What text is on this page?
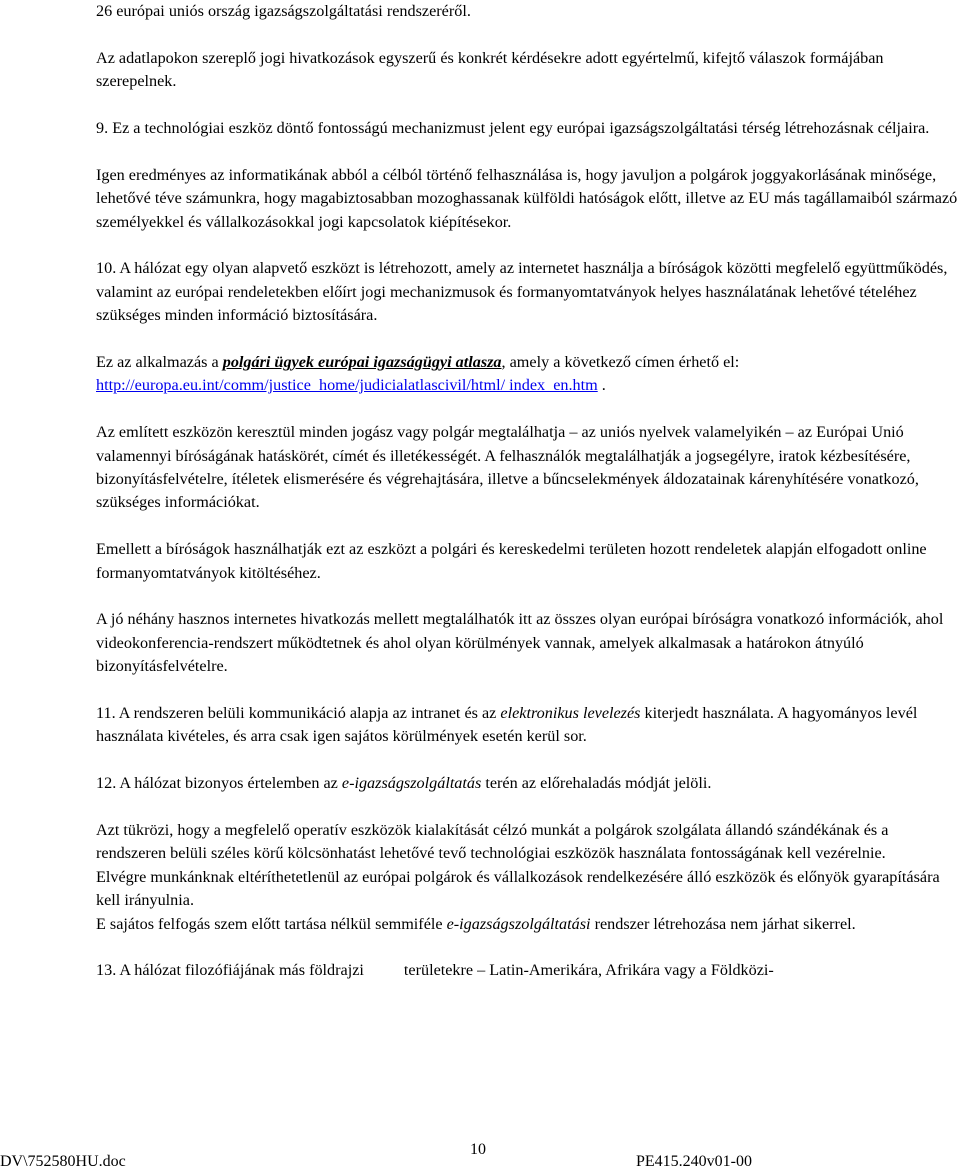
26 európai uniós ország igazságszolgáltatási rendszeréről.

Az adatlapokon szereplő jogi hivatkozások egyszerű és konkrét kérdésekre adott egyértelmű, kifejtő válaszok formájában szerepelnek.

9. Ez a technológiai eszköz döntő fontosságú mechanizmust jelent egy európai igazságszolgáltatási térség létrehozásnak céljaira.

Igen eredményes az informatikának abból a célból történő felhasználása is, hogy javuljon a polgárok joggyakorlásának minősége, lehetővé téve számunkra, hogy magabiztosabban mozoghassanak külföldi hatóságok előtt, illetve az EU más tagállamaiból származó személyekkel és vállalkozásokkal jogi kapcsolatok kiépítésekor.

10. A hálózat egy olyan alapvető eszközt is létrehozott, amely az internetet használja a bíróságok közötti megfelelő együttműködés, valamint az európai rendeletekben előírt jogi mechanizmusok és formanyomtatványok helyes használatának lehetővé tételéhez szükséges minden információ biztosítására.

Ez az alkalmazás a polgári ügyek európai igazságügyi atlasza, amely a következő címen érhető el: http://europa.eu.int/comm/justice_home/judicialatlascivil/html/ index_en.htm .

Az említett eszközön keresztül minden jogász vagy polgár megtalálhatja – az uniós nyelvek valamelyikén – az Európai Unió valamennyi bíróságának hatáskörét, címét és illetékességét. A felhasználók megtalálhatják a jogsegélyre, iratok kézbesítésére, bizonyításfelvételre, ítéletek elismerésére és végrehajtására, illetve a bűncselekmények áldozatainak kárenyhítésére vonatkozó, szükséges információkat.

Emellett a bíróságok használhatják ezt az eszközt a polgári és kereskedelmi területen hozott rendeletek alapján elfogadott online formanyomtatványok kitöltéséhez.

A jó néhány hasznos internetes hivatkozás mellett megtalálhatók itt az összes olyan európai bíróságra vonatkozó információk, ahol videokonferencia-rendszert működtetnek és ahol olyan körülmények vannak, amelyek alkalmasak a határokon átnyúló bizonyításfelvételre.

11. A rendszeren belüli kommunikáció alapja az intranet és az elektronikus levelezés kiterjedt használata. A hagyományos levél használata kivételes, és arra csak igen sajátos körülmények esetén kerül sor.

12. A hálózat bizonyos értelemben az e-igazságszolgáltatás terén az előrehaladás módját jelöli.

Azt tükrözi, hogy a megfelelő operatív eszközök kialakítását célzó munkát a polgárok szolgálata állandó szándékának és a rendszeren belüli széles körű kölcsönhatást lehetővé tevő technológiai eszközök használata fontosságának kell vezérelnie.

Elvégre munkánknak eltéríthetetlenül az európai polgárok és vállalkozások rendelkezésére álló eszközök és előnyök gyarapítására kell irányulnia.

E sajátos felfogás szem előtt tartása nélkül semmiféle e-igazságszolgáltatási rendszer létrehozása nem járhat sikerrel.

13. A hálózat filozófiájának más földrajzi területekre – Latin-Amerikára, Afrikára vagy a Földközi-

DV\752580HU.doc
10
PE415.240v01-00
